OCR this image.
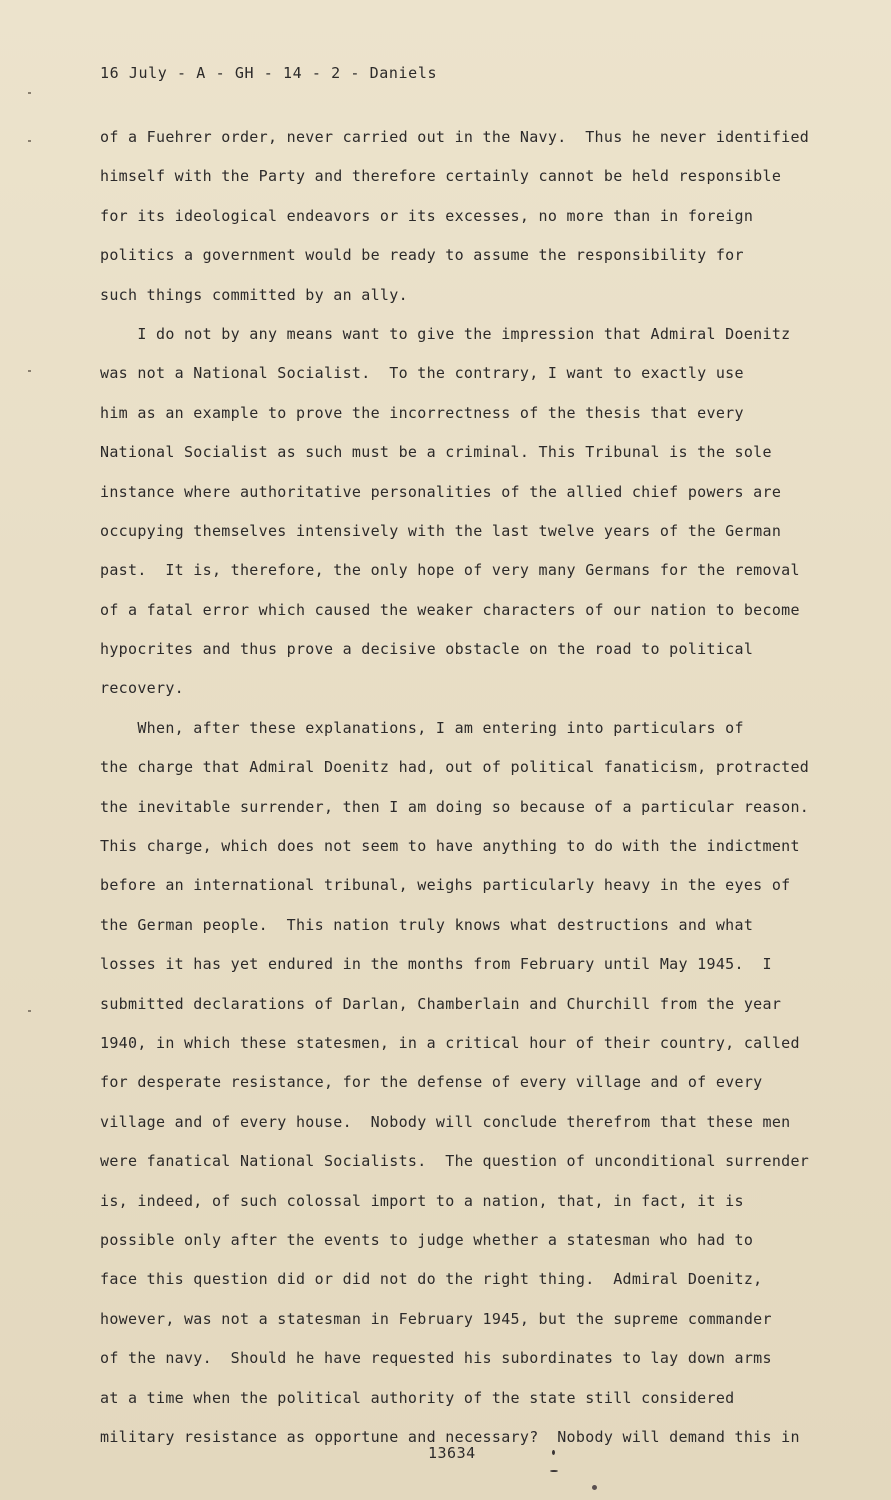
16 July - A - GH - 14 - 2 - Daniels
of a Fuehrer order, never carried out in the Navy.  Thus he never identified
himself with the Party and therefore certainly cannot be held responsible
for its ideological endeavors or its excesses, no more than in foreign
politics a government would be ready to assume the responsibility for
such things committed by an ally.
I do not by any means want to give the impression that Admiral Doenitz
was not a National Socialist.  To the contrary, I want to exactly use
him as an example to prove the incorrectness of the thesis that every
National Socialist as such must be a criminal. This Tribunal is the sole
instance where authoritative personalities of the allied chief powers are
occupying themselves intensively with the last twelve years of the German
past.  It is, therefore, the only hope of very many Germans for the removal
of a fatal error which caused the weaker characters of our nation to become
hypocrites and thus prove a decisive obstacle on the road to political
recovery.
When, after these explanations, I am entering into particulars of
the charge that Admiral Doenitz had, out of political fanaticism, protracted
the inevitable surrender, then I am doing so because of a particular reason.
This charge, which does not seem to have anything to do with the indictment
before an international tribunal, weighs particularly heavy in the eyes of
the German people.  This nation truly knows what destructions and what
losses it has yet endured in the months from February until May 1945.  I
submitted declarations of Darlan, Chamberlain and Churchill from the year
1940, in which these statesmen, in a critical hour of their country, called
for desperate resistance, for the defense of every village and of every
village and of every house.  Nobody will conclude therefrom that these men
were fanatical National Socialists.  The question of unconditional surrender
is, indeed, of such colossal import to a nation, that, in fact, it is
possible only after the events to judge whether a statesman who had to
face this question did or did not do the right thing.  Admiral Doenitz,
however, was not a statesman in February 1945, but the supreme commander
of the navy.  Should he have requested his subordinates to lay down arms
at a time when the political authority of the state still considered
military resistance as opportune and necessary?  Nobody will demand this in
13634
